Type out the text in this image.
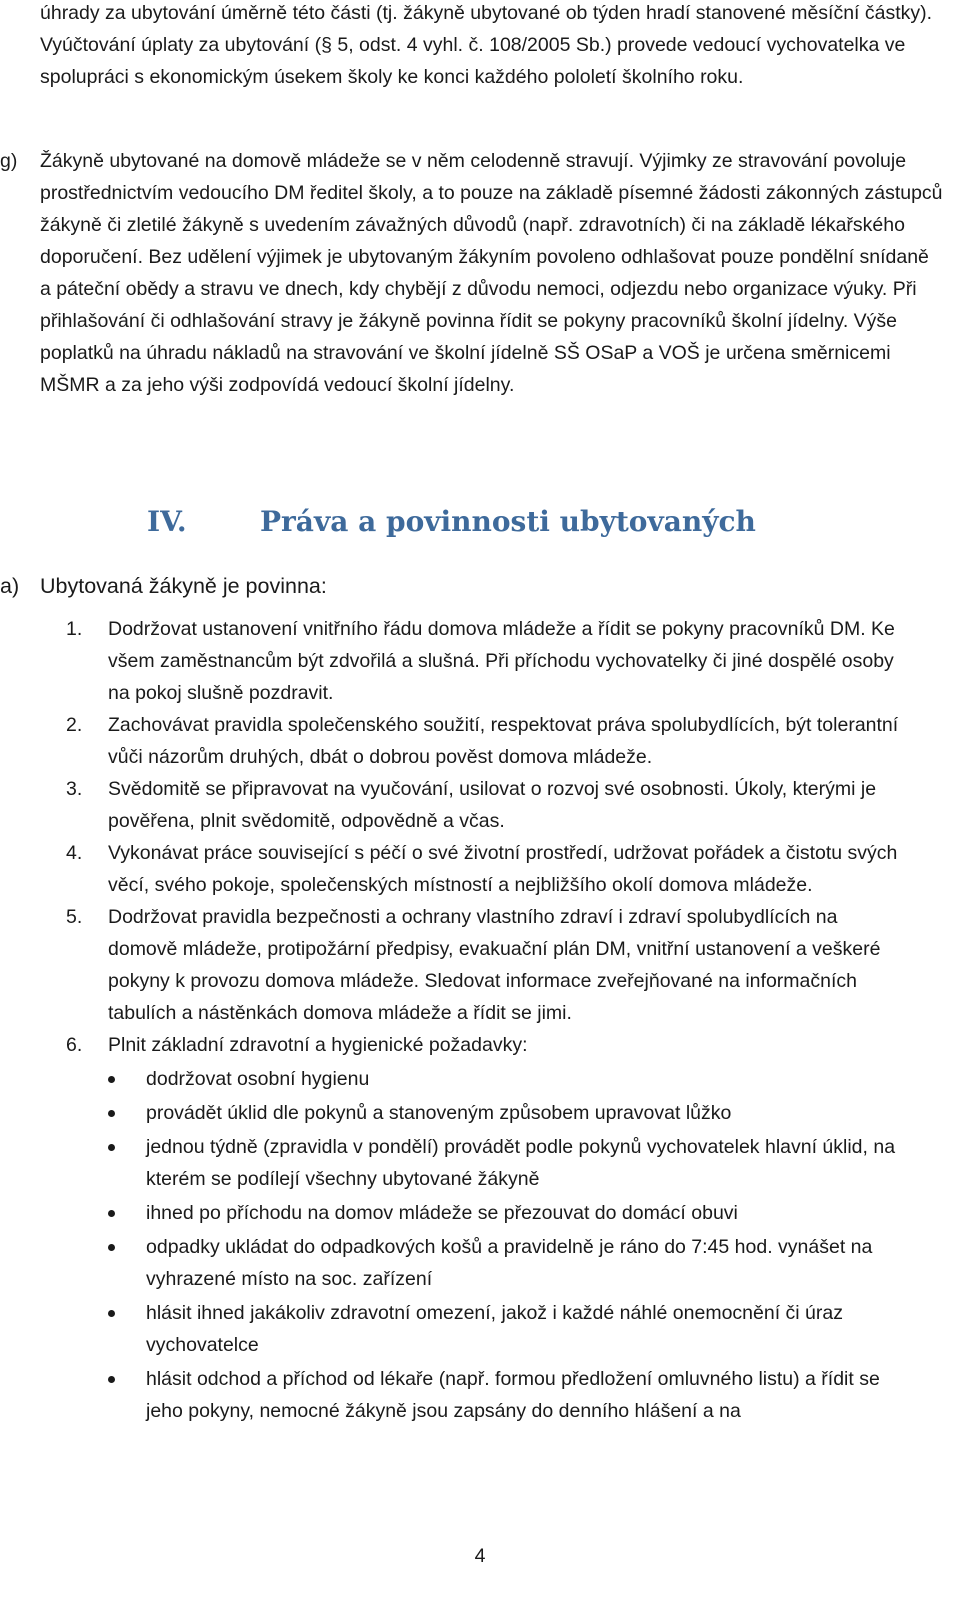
úhrady za ubytování úměrně této části (tj. žákyně ubytované ob týden hradí stanovené měsíční částky). Vyúčtování úplaty za ubytování (§ 5, odst. 4 vyhl. č. 108/2005 Sb.) provede vedoucí vychovatelka ve spolupráci s ekonomickým úsekem školy ke konci každého pololetí školního roku.
g)	Žákyně ubytované na domově mládeže se v něm celodenně stravují. Výjimky ze stravování povoluje prostřednictvím vedoucího DM ředitel školy, a to pouze na základě písemné žádosti zákonných zástupců žákyně či zletilé žákyně s uvedením závažných důvodů (např. zdravotních) či na základě lékařského doporučení. Bez udělení výjimek je ubytovaným žákyním povoleno odhlašovat pouze pondělní snídaně a páteční obědy a stravu ve dnech, kdy chybějí z důvodu nemoci, odjezdu nebo organizace výuky. Při přihlašování či odhlašování stravy je žákyně povinna řídit se pokyny pracovníků školní jídelny. Výše poplatků na úhradu nákladů na stravování ve školní jídelně SŠ OSaP a VOŠ je určena směrnicemi MŠMR a za jeho výši zodpovídá vedoucí školní jídelny.
IV.	Práva a povinnosti ubytovaných
a) Ubytovaná žákyně je povinna:
1.	Dodržovat ustanovení vnitřního řádu domova mládeže a řídit se pokyny pracovníků DM. Ke všem zaměstnancům být zdvořilá a slušná. Při příchodu vychovatelky či jiné dospělé osoby na pokoj slušně pozdravit.
2.	Zachovávat pravidla společenského soužití, respektovat práva spolubydlících, být tolerantní vůči názorům druhých, dbát o dobrou pověst domova mládeže.
3.	Svědomitě se připravovat na vyučování, usilovat o rozvoj své osobnosti. Úkoly, kterými je pověřena, plnit svědomitě, odpovědně a včas.
4.	Vykonávat práce související s péčí o své životní prostředí, udržovat pořádek a čistotu svých věcí, svého pokoje, společenských místností a nejbližšího okolí domova mládeže.
5.	Dodržovat pravidla bezpečnosti a ochrany vlastního zdraví i zdraví spolubydlících na domově mládeže, protipožární předpisy, evakuační plán DM, vnitřní ustanovení a veškeré pokyny k provozu domova mládeže. Sledovat informace zveřejňované na informačních tabulích a nástěnkách domova mládeže a řídit se jimi.
6.	Plnit základní zdravotní a hygienické požadavky:
dodržovat osobní hygienu
provádět úklid dle pokynů a stanoveným způsobem upravovat lůžko
jednou týdně (zpravidla v pondělí) provádět podle pokynů vychovatelek hlavní úklid, na kterém se podílejí všechny ubytované žákyně
ihned po příchodu na domov mládeže se přezouvat do domácí obuvi
odpadky ukládat do odpadkových košů a pravidelně je ráno do 7:45 hod. vynášet na vyhrazené místo na soc. zařízení
hlásit ihned jakákoliv zdravotní omezení, jakož i každé náhlé onemocnění či úraz vychovatelce
hlásit odchod a příchod od lékaře (např. formou předložení omluvného listu) a řídit se jeho pokyny, nemocné žákyně jsou zapsány do denního hlášení a na
4
